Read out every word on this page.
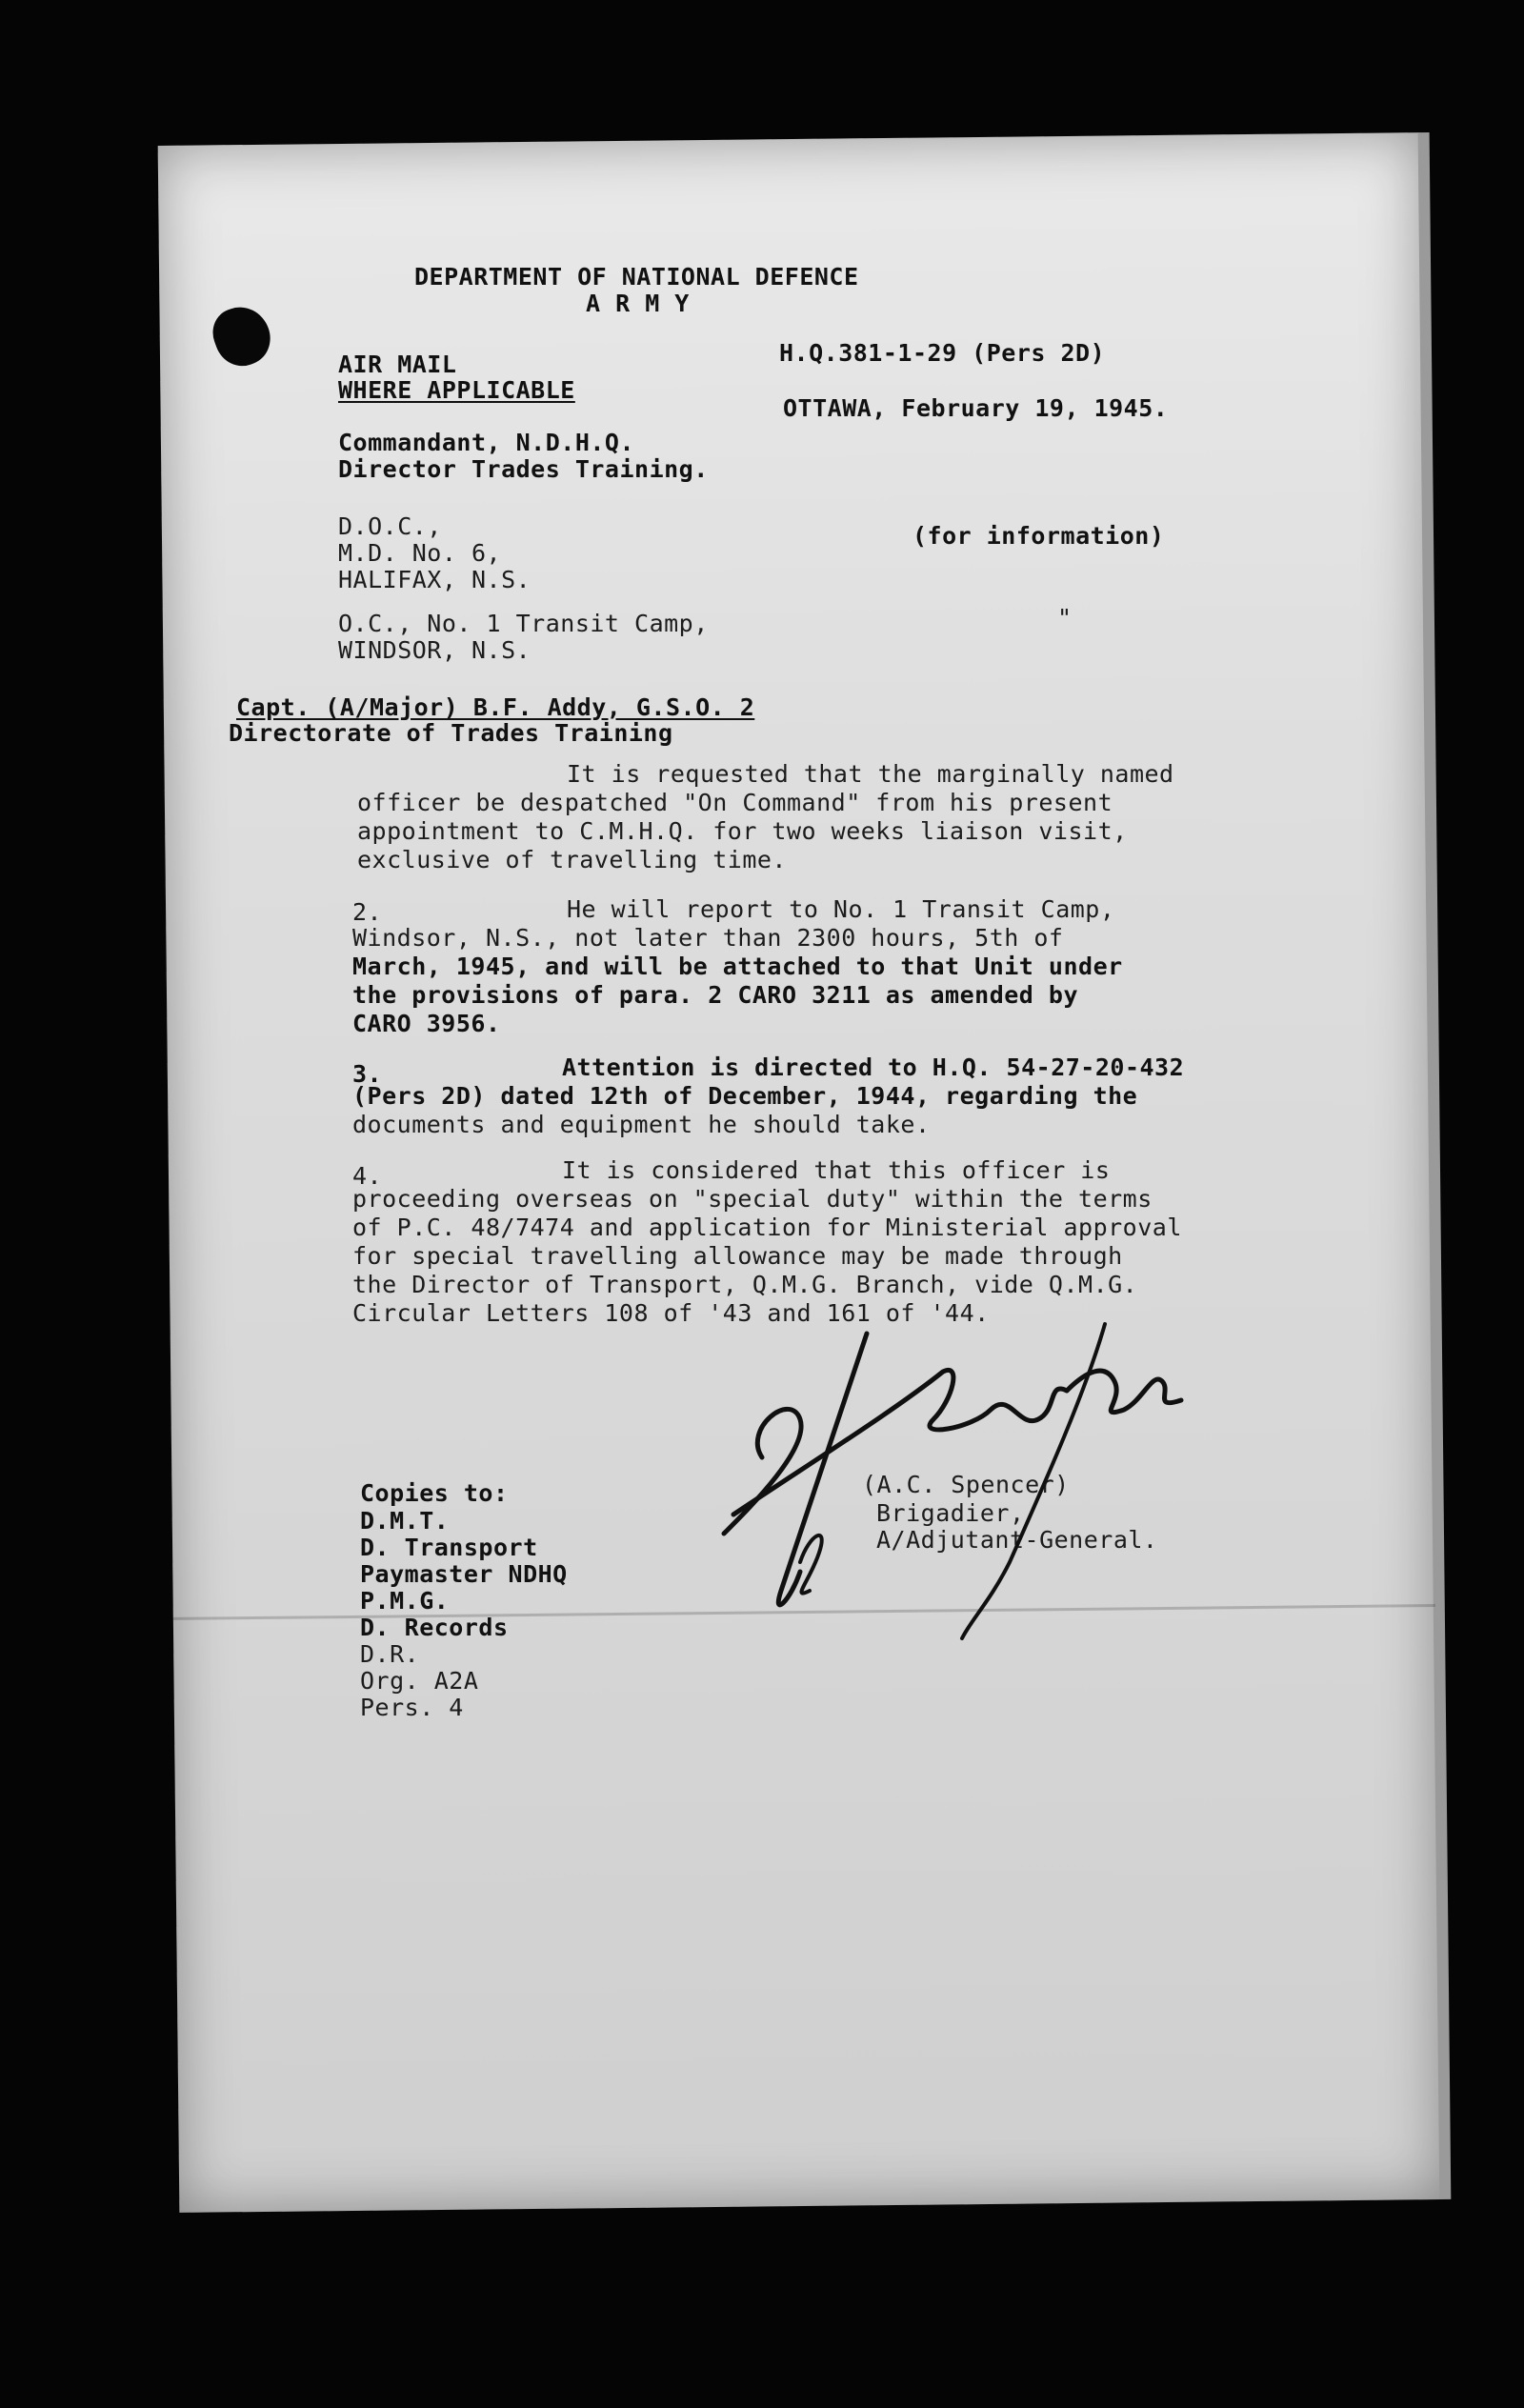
DEPARTMENT OF NATIONAL DEFENCE
A R M Y
AIR MAIL
WHERE APPLICABLE
H.Q.381-1-29 (Pers 2D)
OTTAWA, February 19, 1945.
Commandant, N.D.H.Q.
Director Trades Training.
D.O.C.,
M.D. No. 6,
HALIFAX, N.S.
(for information)
O.C., No. 1 Transit Camp,
WINDSOR, N.S.
"
Capt. (A/Major) B.F. Addy, G.S.O. 2
Directorate of Trades Training
It is requested that the marginally named
officer be despatched "On Command" from his present
appointment to C.M.H.Q. for two weeks liaison visit,
exclusive of travelling time.
2.	He will report to No. 1 Transit Camp,
Windsor, N.S., not later than 2300 hours, 5th of
March, 1945, and will be attached to that Unit under
the provisions of para. 2 CARO 3211 as amended by
CARO 3956.
3.	Attention is directed to H.Q. 54-27-20-432
(Pers 2D) dated 12th of December, 1944, regarding the
documents and equipment he should take.
4.	It is considered that this officer is
proceeding overseas on "special duty" within the terms
of P.C. 48/7474 and application for Ministerial approval
for special travelling allowance may be made through
the Director of Transport, Q.M.G. Branch, vide Q.M.G.
Circular Letters 108 of '43 and 161 of '44.
(A.C. Spencer)
Brigadier,
A/Adjutant-General.
Copies to:
D.M.T.
D. Transport
Paymaster NDHQ
P.M.G.
D. Records
D.R.
Org. A2A
Pers. 4
